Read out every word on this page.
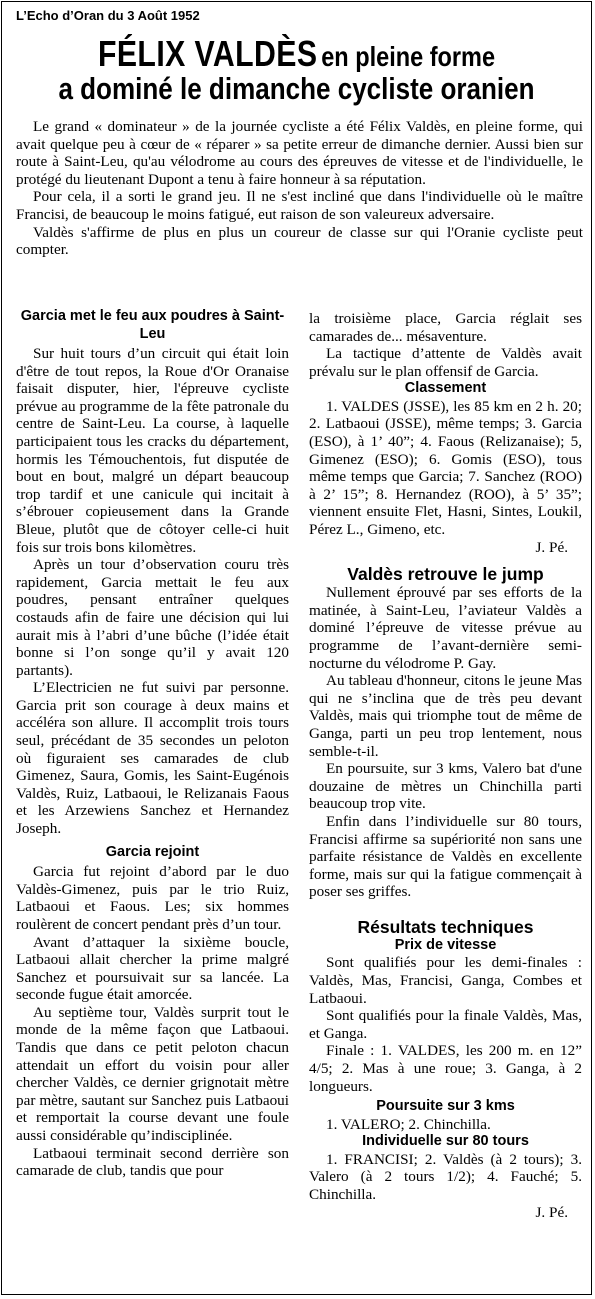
L’Echo d’Oran du 3 Août 1952
FÉLIX VALDÈS en pleine forme
a dominé le dimanche cycliste oranien

Le grand « dominateur » de la journée cycliste a été Félix Valdès, en pleine forme, qui avait quelque peu à cœur de « réparer » sa petite erreur de dimanche dernier. Aussi bien sur route à Saint-Leu, qu'au vélodrome au cours des épreuves de vitesse et de l'individuelle, le protégé du lieutenant Dupont a tenu à faire honneur à sa réputation.

Pour cela, il a sorti le grand jeu. Il ne s'est incliné que dans l'individuelle où le maître Francisi, de beaucoup le moins fatigué, eut raison de son valeureux adversaire.

Valdès s'affirme de plus en plus un coureur de classe sur qui l'Oranie cycliste peut compter.

Garcia met le feu aux poudres à Saint-Leu

Sur huit tours d’un circuit qui était loin d'être de tout repos, la Roue d'Or Oranaise faisait disputer, hier, l'épreuve cycliste prévue au programme de la fête patronale du centre de Saint-Leu. La course, à laquelle participaient tous les cracks du département, hormis les Témouchentois, fut disputée de bout en bout, malgré un départ beaucoup trop tardif et une canicule qui incitait à s’ébrouer copieusement dans la Grande Bleue, plutôt que de côtoyer celle-ci huit fois sur trois bons kilomètres.

Après un tour d’observation couru très rapidement, Garcia mettait le feu aux poudres, pensant entraîner quelques costauds afin de faire une décision qui lui aurait mis à l’abri d’une bûche (l’idée était bonne si l’on songe qu’il y avait 120 partants).

L’Electricien ne fut suivi par personne. Garcia prit son courage à deux mains et accéléra son allure. Il accomplit trois tours seul, précédant de 35 secondes un peloton où figuraient ses camarades de club Gimenez, Saura, Gomis, les Saint-Eugénois Valdès, Ruiz, Latbaoui, le Relizanais Faous et les Arzewiens Sanchez et Hernandez Joseph.

Garcia rejoint

Garcia fut rejoint d’abord par le duo Valdès-Gimenez, puis par le trio Ruiz, Latbaoui et Faous. Les; six hommes roulèrent de concert pendant près d’un tour.

Avant d’attaquer la sixième boucle, Latbaoui allait chercher la prime malgré Sanchez et poursuivait sur sa lancée. La seconde fugue était amorcée.

Au septième tour, Valdès surprit tout le monde de la même façon que Latbaoui. Tandis que dans ce petit peloton chacun attendait un effort du voisin pour aller chercher Valdès, ce dernier grignotait mètre par mètre, sautant sur Sanchez puis Latbaoui et remportait la course devant une foule aussi considérable qu’indisciplinée.

Latbaoui terminait second derrière son camarade de club, tandis que pour

la troisième place, Garcia réglait ses camarades de... mésaventure.

La tactique d’attente de Valdès avait prévalu sur le plan offensif de Garcia.

Classement

1. VALDES (JSSE), les 85 km en 2 h. 20; 2. Latbaoui (JSSE), même temps; 3. Garcia (ESO), à 1’ 40”; 4. Faous (Relizanaise); 5, Gimenez (ESO); 6. Gomis (ESO), tous même temps que Garcia; 7. Sanchez (ROO) à 2’ 15”; 8. Hernandez (ROO), à 5’ 35”; viennent ensuite Flet, Hasni, Sintes, Loukil, Pérez L., Gimeno, etc.

J. Pé.

Valdès retrouve le jump

Nullement éprouvé par ses efforts de la matinée, à Saint-Leu, l’aviateur Valdès a dominé l’épreuve de vitesse prévue au programme de l’avant-dernière semi-nocturne du vélodrome P. Gay.

Au tableau d'honneur, citons le jeune Mas qui ne s’inclina que de très peu devant Valdès, mais qui triomphe tout de même de Ganga, parti un peu trop lentement, nous semble-t-il.

En poursuite, sur 3 kms, Valero bat d'une douzaine de mètres un Chinchilla parti beaucoup trop vite.

Enfin dans l’individuelle sur 80 tours, Francisi affirme sa supériorité non sans une parfaite résistance de Valdès en excellente forme, mais sur qui la fatigue commençait à poser ses griffes.

Résultats techniques
Prix de vitesse

Sont qualifiés pour les demi-finales : Valdès, Mas, Francisi, Ganga, Combes et Latbaoui.

Sont qualifiés pour la finale Valdès, Mas, et Ganga.

Finale : 1. VALDES, les 200 m. en 12” 4/5; 2. Mas à une roue; 3. Ganga, à 2 longueurs.

Poursuite sur 3 kms

1. VALERO; 2. Chinchilla.

Individuelle sur 80 tours

1. FRANCISI; 2. Valdès (à 2 tours); 3. Valero (à 2 tours 1/2); 4. Fauché; 5. Chinchilla.

J. Pé.
